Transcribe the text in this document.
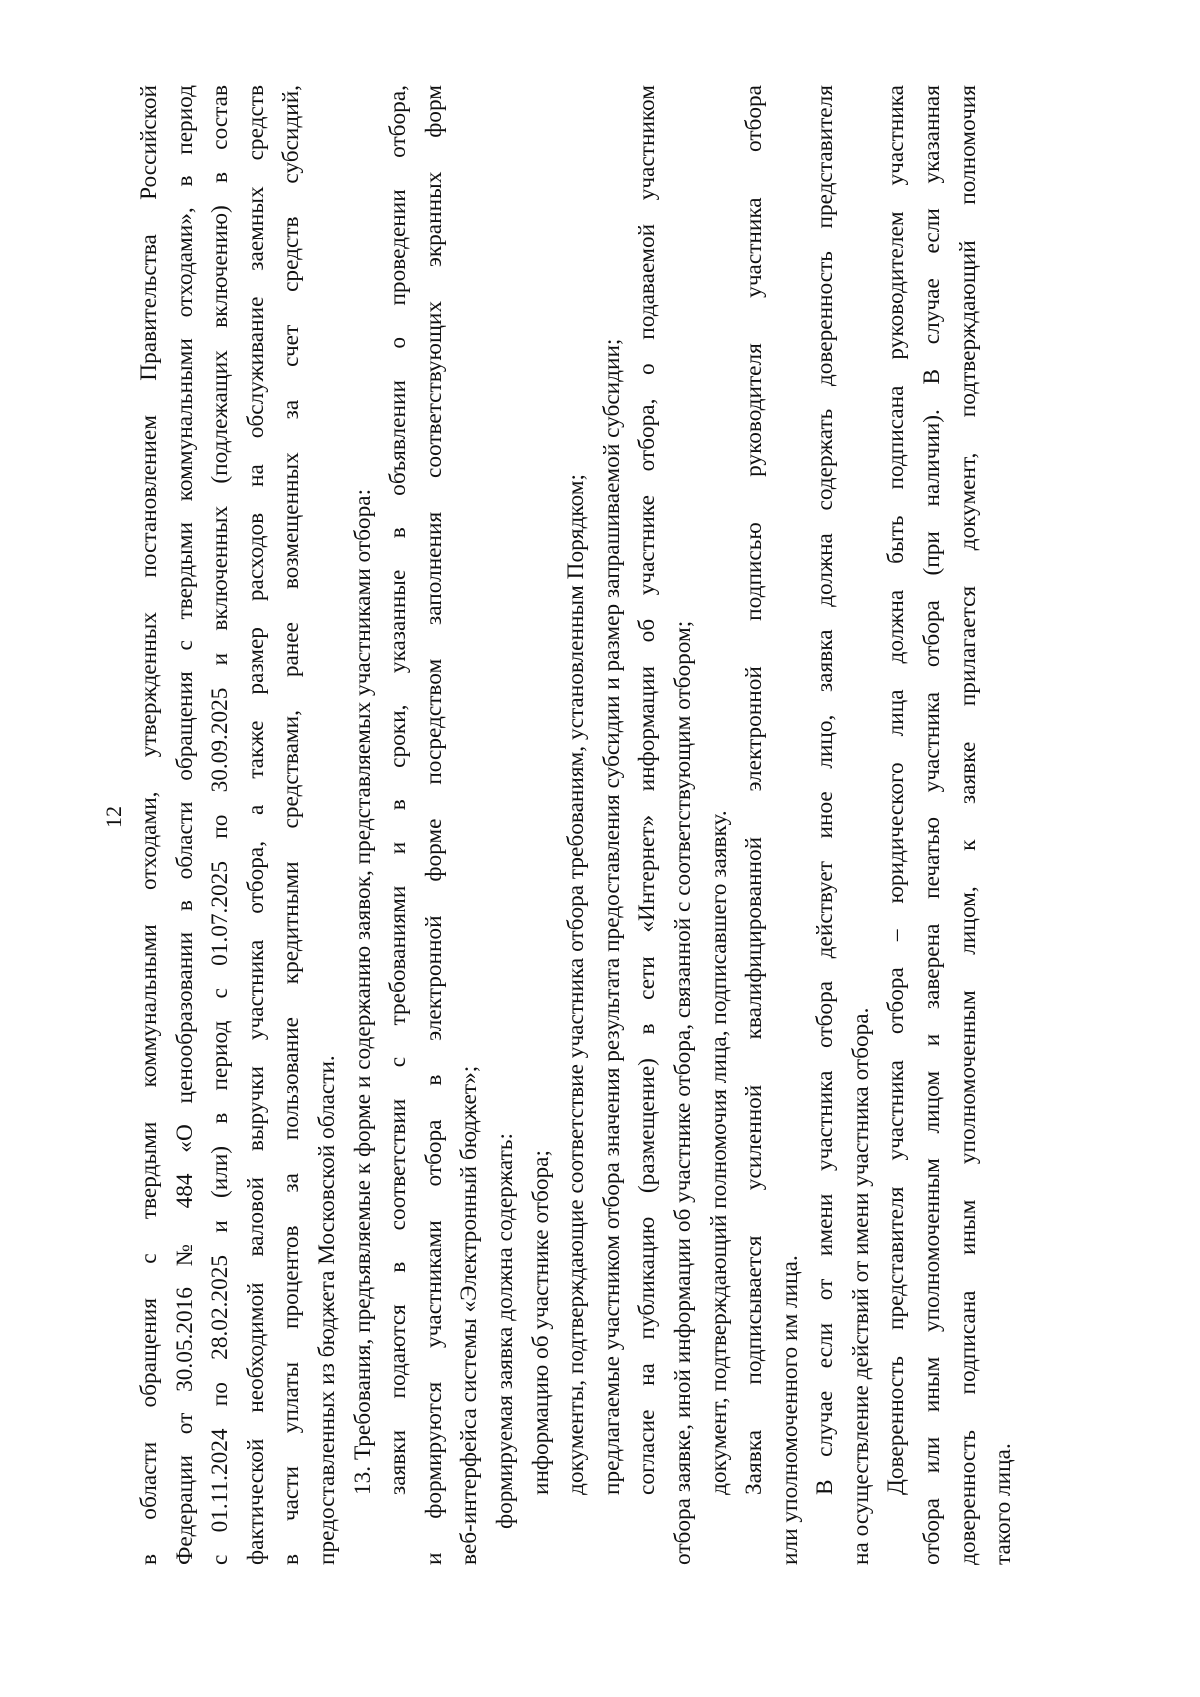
12 в области обращения с твердыми коммунальными отходами, утвержденных постановлением Правительства Российской Федерации от 30.05.2016 № 484 «О ценообразовании в области обращения с твердыми коммунальными отходами», в период с 01.11.2024 по 28.02.2025 и (или) в период с 01.07.2025 по 30.09.2025 и включенных (подлежащих включению) в состав фактической необходимой валовой выручки участника отбора, а также размер расходов на обслуживание заемных средств в части уплаты процентов за пользование кредитными средствами, ранее возмещенных за счет средств субсидий, предоставленных из бюджета Московской области. 13. Требования, предъявляемые к форме и содержанию заявок, представляемых участниками отбора: заявки подаются в соответствии с требованиями и в сроки, указанные в объявлении о проведении отбора, и формируются участниками отбора в электронной форме посредством заполнения соответствующих экранных форм веб-интерфейса системы «Электронный бюджет»; формируемая заявка должна содержать: информацию об участнике отбора; документы, подтверждающие соответствие участника отбора требованиям, установленным Порядком; предлагаемые участником отбора значения результата предоставления субсидии и размер запрашиваемой субсидии; согласие на публикацию (размещение) в сети «Интернет» информации об участнике отбора, о подаваемой участником отбора заявке, иной информации об участнике отбора, связанной с соответствующим отбором; документ, подтверждающий полномочия лица, подписавшего заявку. Заявка подписывается усиленной квалифицированной электронной подписью руководителя участника отбора или уполномоченного им лица. В случае если от имени участника отбора действует иное лицо, заявка должна содержать доверенность представителя на осуществление действий от имени участника отбора. Доверенность представителя участника отбора – юридического лица должна быть подписана руководителем участника отбора или иным уполномоченным лицом и заверена печатью участника отбора (при наличии). В случае если указанная доверенность подписана иным уполномоченным лицом, к заявке прилагается документ, подтверждающий полномочия такого лица.
